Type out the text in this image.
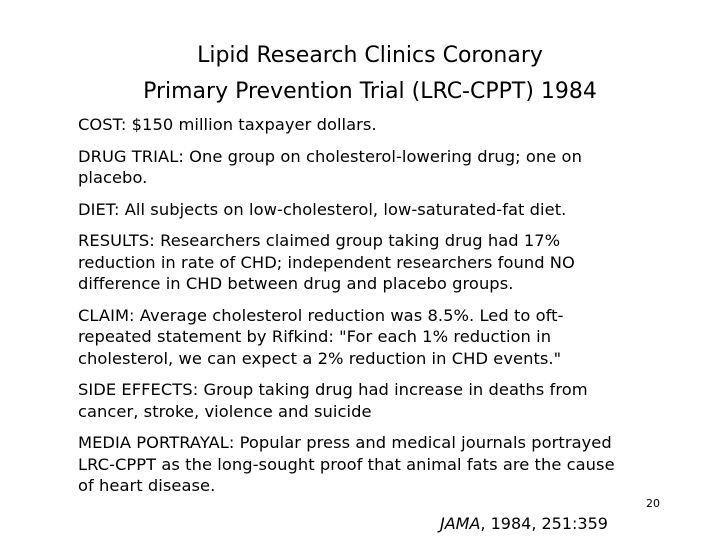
Lipid Research Clinics Coronary
Primary Prevention Trial (LRC-CPPT) 1984

COST: $150 million taxpayer dollars.

DRUG TRIAL: One group on cholesterol-lowering drug; one on
placebo.

DIET: All subjects on low-cholesterol, low-saturated-fat diet.

RESULTS: Researchers claimed group taking drug had 17%
reduction in rate of CHD; independent researchers found NO
difference in CHD between drug and placebo groups.

CLAIM: Average cholesterol reduction was 8.5%. Led to oft-
repeated statement by Rifkind: "For each 1% reduction in
cholesterol, we can expect a 2% reduction in CHD events."

SIDE EFFECTS: Group taking drug had increase in deaths from
cancer, stroke, violence and suicide

MEDIA PORTRAYAL: Popular press and medical journals portrayed
LRC-CPPT as the long-sought proof that animal fats are the cause
of heart disease.

20
JAMA, 1984, 251:359
